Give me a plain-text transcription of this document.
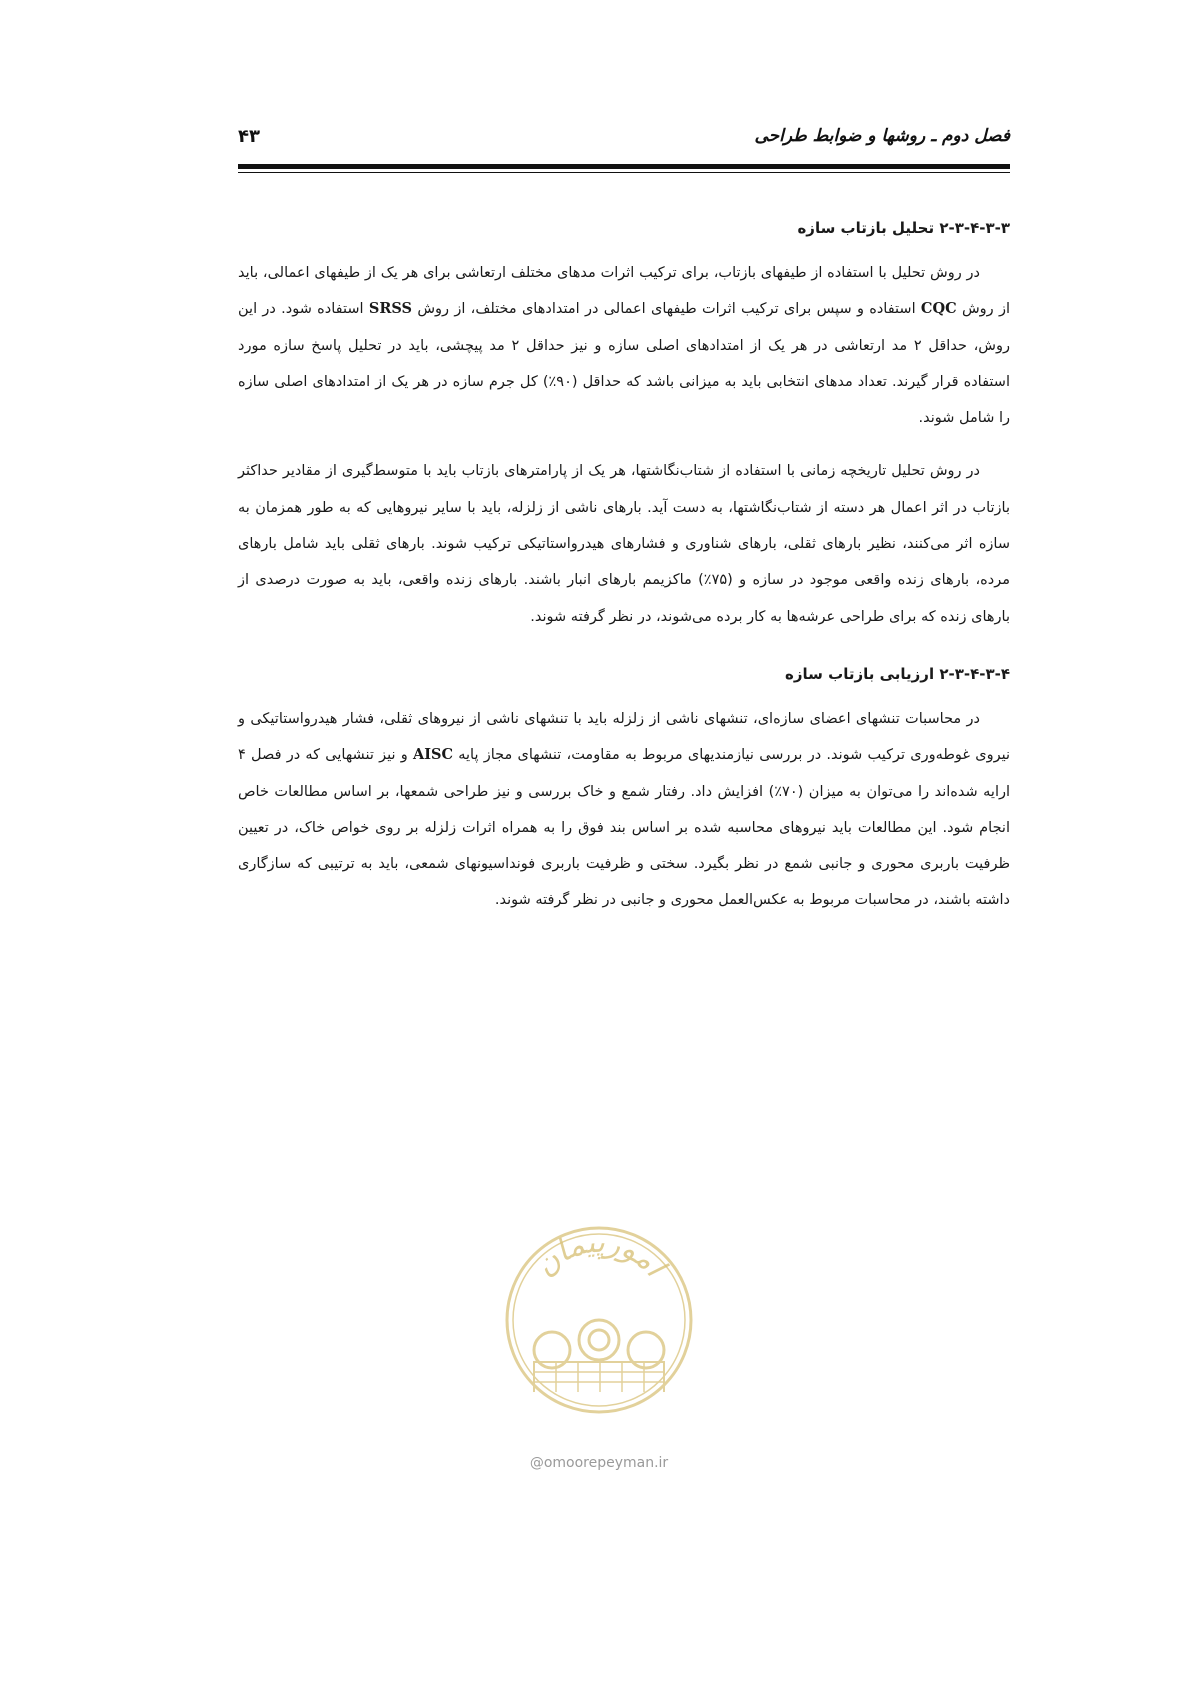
فصل دوم ـ روشها و ضوابط طراحی
۴۳
۲-۳-۴-۳-۳ تحلیل بازتاب سازه

در روش تحلیل با استفاده از طیفهای بازتاب، برای ترکیب اثرات مدهای مختلف ارتعاشی برای هر یک از طیفهای اعمالی، باید از روش CQC استفاده و سپس برای ترکیب اثرات طیفهای اعمالی در امتدادهای مختلف، از روش SRSS استفاده شود. در این روش، حداقل ۲ مد ارتعاشی در هر یک از امتدادهای اصلی سازه و نیز حداقل ۲ مد پیچشی، باید در تحلیل پاسخ سازه مورد استفاده قرار گیرند. تعداد مدهای انتخابی باید به میزانی باشد که حداقل (۹۰٪) کل جرم سازه در هر یک از امتدادهای اصلی سازه را شامل شوند.

در روش تحلیل تاریخچه زمانی با استفاده از شتاب‌نگاشتها، هر یک از پارامترهای بازتاب باید با متوسط‌گیری از مقادیر حداکثر بازتاب در اثر اعمال هر دسته از شتاب‌نگاشتها، به دست آید. بارهای ناشی از زلزله، باید با سایر نیروهایی که به طور همزمان به سازه اثر می‌کنند، نظیر بارهای ثقلی، بارهای شناوری و فشارهای هیدرواستاتیکی ترکیب شوند. بارهای ثقلی باید شامل بارهای مرده، بارهای زنده واقعی موجود در سازه و (۷۵٪) ماکزیمم بارهای انبار باشند. بارهای زنده واقعی، باید به صورت درصدی از بارهای زنده که برای طراحی عرشه‌ها به کار برده می‌شوند، در نظر گرفته شوند.

۲-۳-۴-۳-۴ ارزیابی بازتاب سازه

در محاسبات تنشهای اعضای سازه‌ای، تنشهای ناشی از زلزله باید با تنشهای ناشی از نیروهای ثقلی، فشار هیدرواستاتیکی و نیروی غوطه‌وری ترکیب شوند. در بررسی نیازمندیهای مربوط به مقاومت، تنشهای مجاز پایه AISC و نیز تنشهایی که در فصل ۴ ارایه شده‌اند را می‌توان به میزان (۷۰٪) افزایش داد. رفتار شمع و خاک بررسی و نیز طراحی شمعها، بر اساس مطالعات خاص انجام شود. این مطالعات باید نیروهای محاسبه شده بر اساس بند فوق را به همراه اثرات زلزله بر روی خواص خاک، در تعیین ظرفیت باربری محوری و جانبی شمع در نظر بگیرد. سختی و ظرفیت باربری فونداسیونهای شمعی، باید به ترتیبی که سازگاری داشته باشند، در محاسبات مربوط به عکس‌العمل محوری و جانبی در نظر گرفته شوند.

امورپیمان
@omoorepeyman.ir
